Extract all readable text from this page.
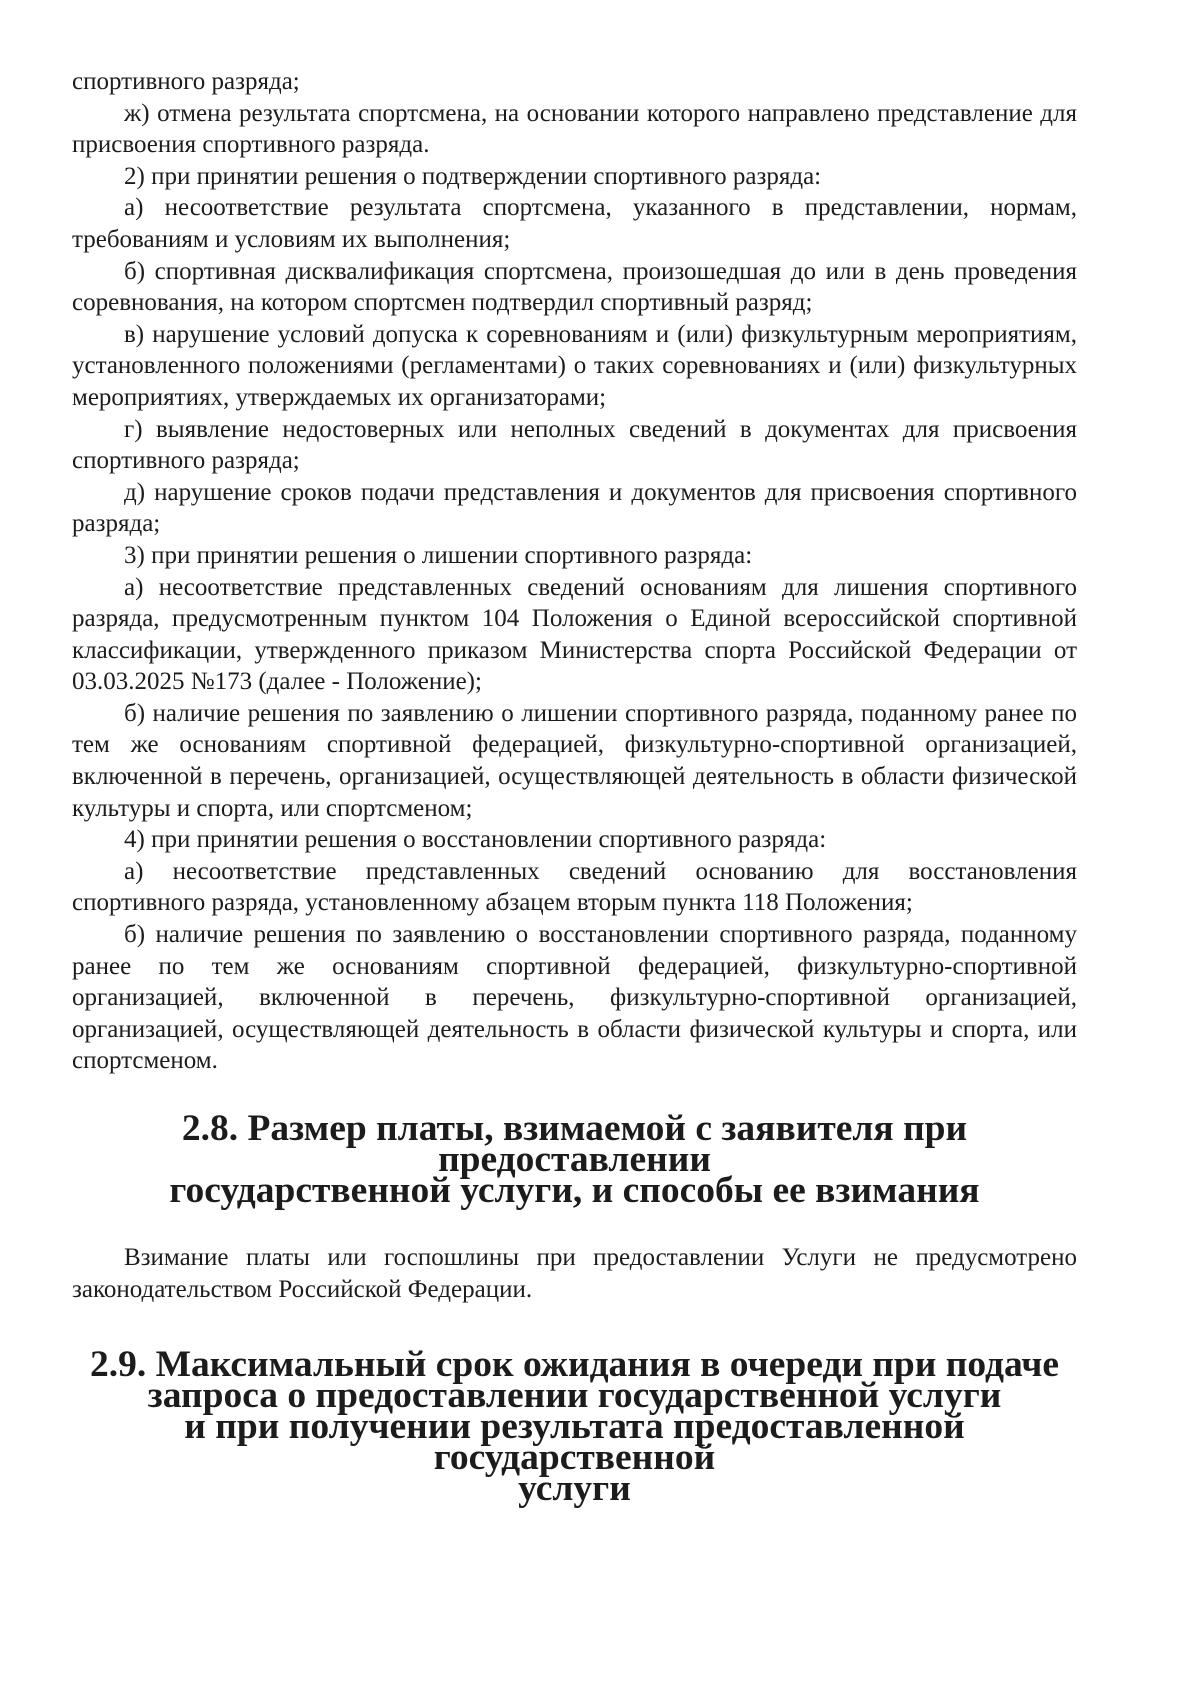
спортивного разряда;

ж) отмена результата спортсмена, на основании которого направлено представление для присвоения спортивного разряда.

2) при принятии решения о подтверждении спортивного разряда:

а) несоответствие результата спортсмена, указанного в представлении, нормам, требованиям и условиям их выполнения;

б) спортивная дисквалификация спортсмена, произошедшая до или в день проведения соревнования, на котором спортсмен подтвердил спортивный разряд;

в) нарушение условий допуска к соревнованиям и (или) физкультурным мероприятиям, установленного положениями (регламентами) о таких соревнованиях и (или) физкультурных мероприятиях, утверждаемых их организаторами;

г) выявление недостоверных или неполных сведений в документах для присвоения спортивного разряда;

д) нарушение сроков подачи представления и документов для присвоения спортивного разряда;

3) при принятии решения о лишении спортивного разряда:

а) несоответствие представленных сведений основаниям для лишения спортивного разряда, предусмотренным пунктом 104 Положения о Единой всероссийской спортивной классификации, утвержденного приказом Министерства спорта Российской Федерации от 03.03.2025 №173 (далее - Положение);

б) наличие решения по заявлению о лишении спортивного разряда, поданному ранее по тем же основаниям спортивной федерацией, физкультурно-спортивной организацией, включенной в перечень, организацией, осуществляющей деятельность в области физической культуры и спорта, или спортсменом;

4) при принятии решения о восстановлении спортивного разряда:

а) несоответствие представленных сведений основанию для восстановления спортивного разряда, установленному абзацем вторым пункта 118 Положения;

б) наличие решения по заявлению о восстановлении спортивного разряда, поданному ранее по тем же основаниям спортивной федерацией, физкультурно-спортивной организацией, включенной в перечень, физкультурно-спортивной организацией, организацией, осуществляющей деятельность в области физической культуры и спорта, или спортсменом.

2.8. Размер платы, взимаемой с заявителя при предоставлении
государственной услуги, и способы ее взимания

Взимание платы или госпошлины при предоставлении Услуги не предусмотрено законодательством Российской Федерации.

2.9. Максимальный срок ожидания в очереди при подаче
запроса о предоставлении государственной услуги
и при получении результата предоставленной государственной
услуги
